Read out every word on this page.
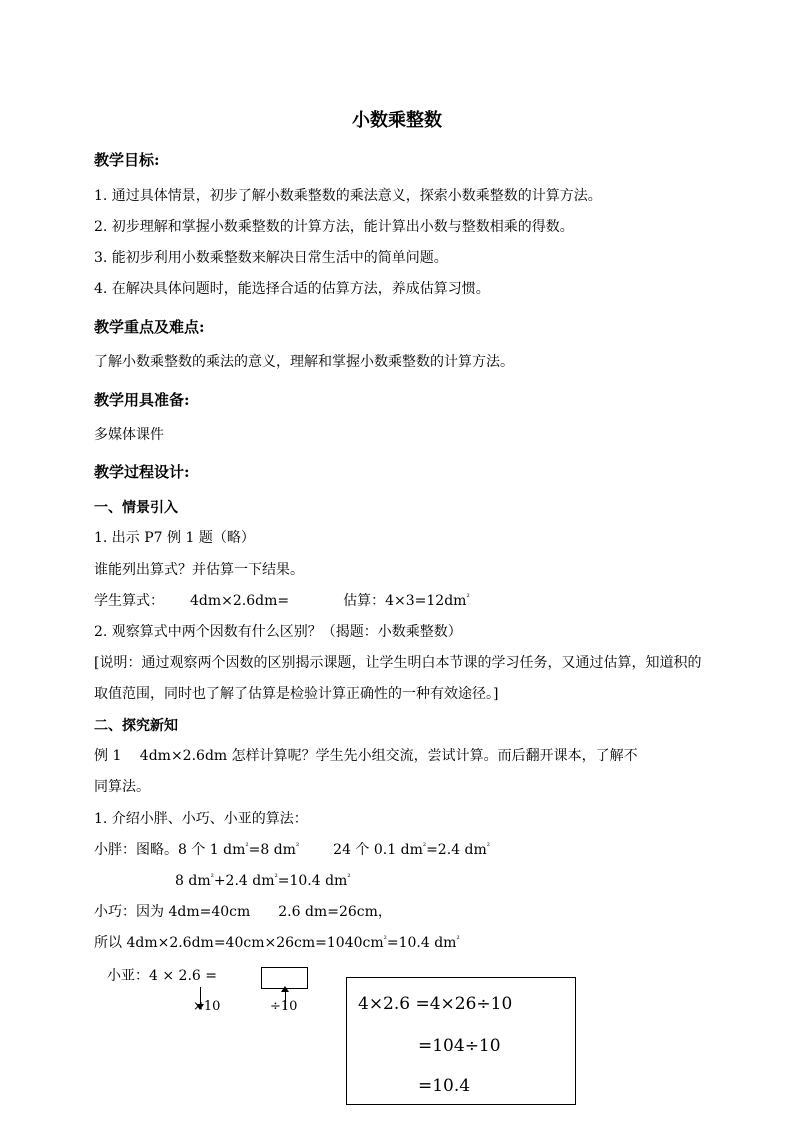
小数乘整数
教学目标:
1. 通过具体情景，初步了解小数乘整数的乘法意义，探索小数乘整数的计算方法。
2. 初步理解和掌握小数乘整数的计算方法，能计算出小数与整数相乘的得数。
3. 能初步利用小数乘整数来解决日常生活中的简单问题。
4. 在解决具体问题时，能选择合适的估算方法，养成估算习惯。
教学重点及难点:
了解小数乘整数的乘法的意义，理解和掌握小数乘整数的计算方法。
教学用具准备:
多媒体课件
教学过程设计:
一、情景引入
1. 出示 P7 例 1 题（略）
谁能列出算式？并估算一下结果。
学生算式： 4dm×2.6dm=	估算：$4\times 3=12dm^{^2}$
2. 观察算式中两个因数有什么区别？（揭题：小数乘整数）
[说明：通过观察两个因数的区别揭示课题，让学生明白本节课的学习任务，又通过估算，知道积的取值范围，同时也了解了估算是检验计算正确性的一种有效途径。]
二、探究新知
例 1　 4dm×2.6dm 怎样计算呢？学生先小组交流，尝试计算。而后翻开课本，了解不
同算法。
1. 介绍小胖、小巧、小亚的算法：
小胖：图略。8 个 1 $dm^{^2}=8$ $dm^{^2}$ 24 个 0.1 $dm^{^2}=2.4$ $dm^{^2}$
8 $dm^{^2}+2.4$ $dm^{^2}=10.4$ $dm^{^2}$
小巧：因为 4dm=40cm　　2.6 dm=26cm，
所以 $4dm\times 2.6dm=40cm\times 26cm=1040cm^{^2}=10.4$ $dm^{^2}$
小亚：4 × 2.6 =
×10	÷10	4×2.6 =4×26÷10
=104÷10
=10.4
